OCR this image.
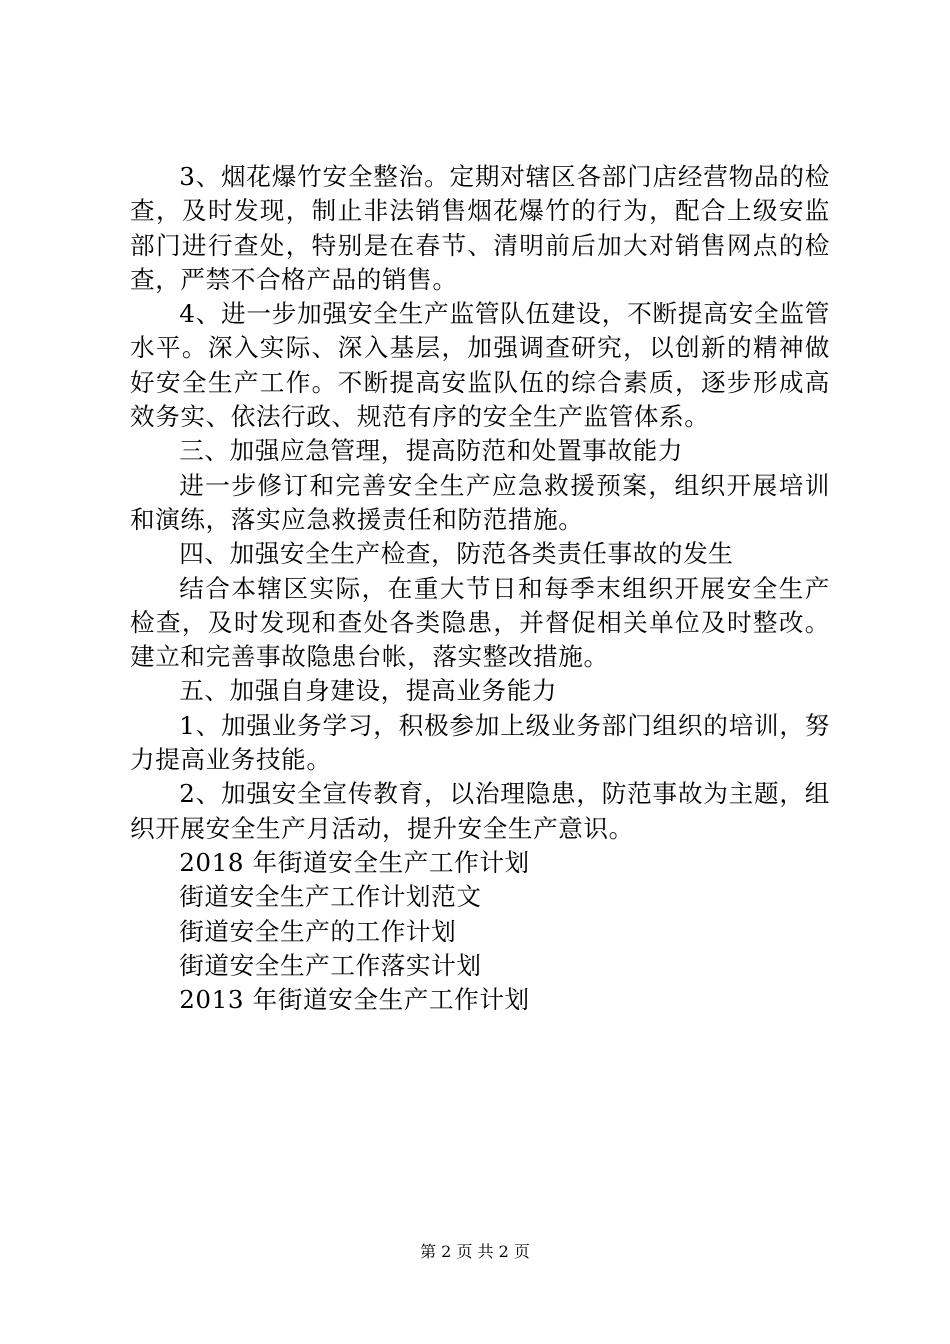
3、烟花爆竹安全整治。定期对辖区各部门店经营物品的检查，及时发现，制止非法销售烟花爆竹的行为，配合上级安监部门进行查处，特别是在春节、清明前后加大对销售网点的检查，严禁不合格产品的销售。

4、进一步加强安全生产监管队伍建设，不断提高安全监管水平。深入实际、深入基层，加强调查研究，以创新的精神做好安全生产工作。不断提高安监队伍的综合素质，逐步形成高效务实、依法行政、规范有序的安全生产监管体系。

三、加强应急管理，提高防范和处置事故能力

进一步修订和完善安全生产应急救援预案，组织开展培训和演练，落实应急救援责任和防范措施。

四、加强安全生产检查，防范各类责任事故的发生

结合本辖区实际，在重大节日和每季末组织开展安全生产检查，及时发现和查处各类隐患，并督促相关单位及时整改。建立和完善事故隐患台帐，落实整改措施。

五、加强自身建设，提高业务能力

1、加强业务学习，积极参加上级业务部门组织的培训，努力提高业务技能。

2、加强安全宣传教育，以治理隐患，防范事故为主题，组织开展安全生产月活动，提升安全生产意识。

2018 年街道安全生产工作计划

街道安全生产工作计划范文

街道安全生产的工作计划

街道安全生产工作落实计划

2013 年街道安全生产工作计划

第 2 页 共 2 页
